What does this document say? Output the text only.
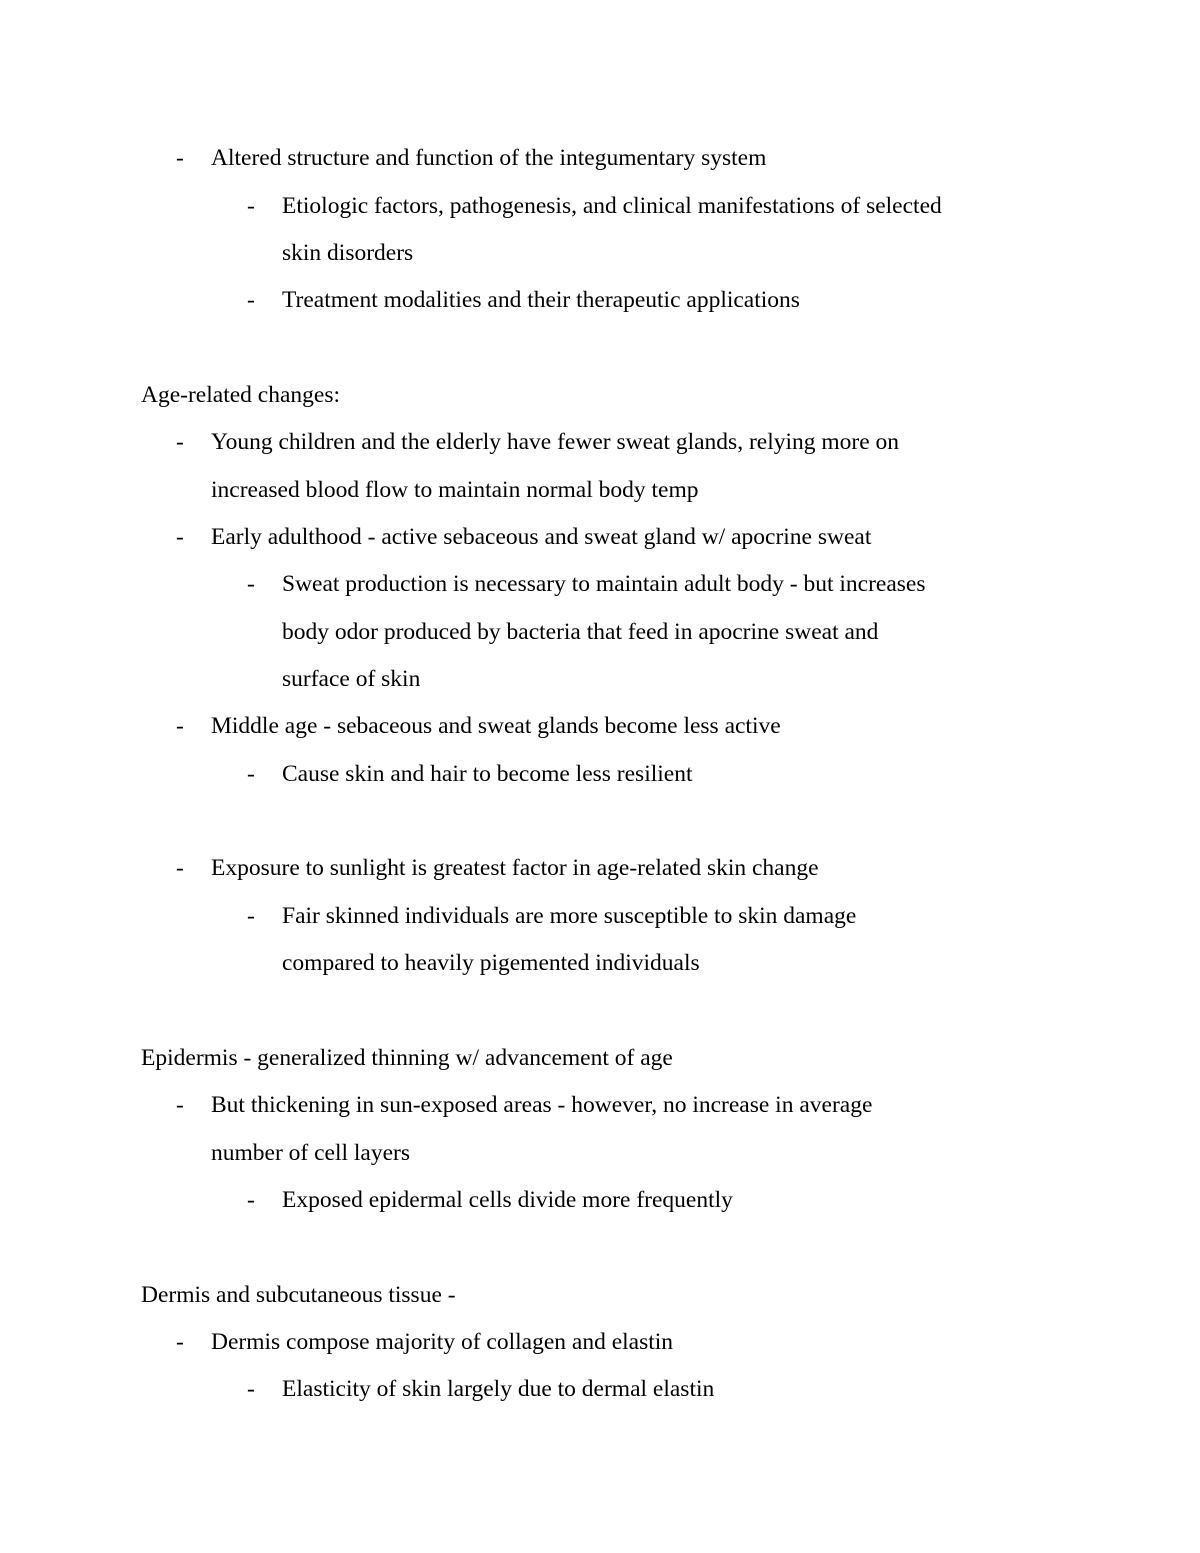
- Altered structure and function of the integumentary system
- Etiologic factors, pathogenesis, and clinical manifestations of selected
skin disorders
- Treatment modalities and their therapeutic applications
Age-related changes:
- Young children and the elderly have fewer sweat glands, relying more on
increased blood flow to maintain normal body temp
- Early adulthood - active sebaceous and sweat gland w/ apocrine sweat
- Sweat production is necessary to maintain adult body - but increases
body odor produced by bacteria that feed in apocrine sweat and
surface of skin
- Middle age - sebaceous and sweat glands become less active
- Cause skin and hair to become less resilient
- Exposure to sunlight is greatest factor in age-related skin change
- Fair skinned individuals are more susceptible to skin damage
compared to heavily pigemented individuals
Epidermis - generalized thinning w/ advancement of age
- But thickening in sun-exposed areas - however, no increase in average
number of cell layers
- Exposed epidermal cells divide more frequently
Dermis and subcutaneous tissue -
- Dermis compose majority of collagen and elastin
- Elasticity of skin largely due to dermal elastin
